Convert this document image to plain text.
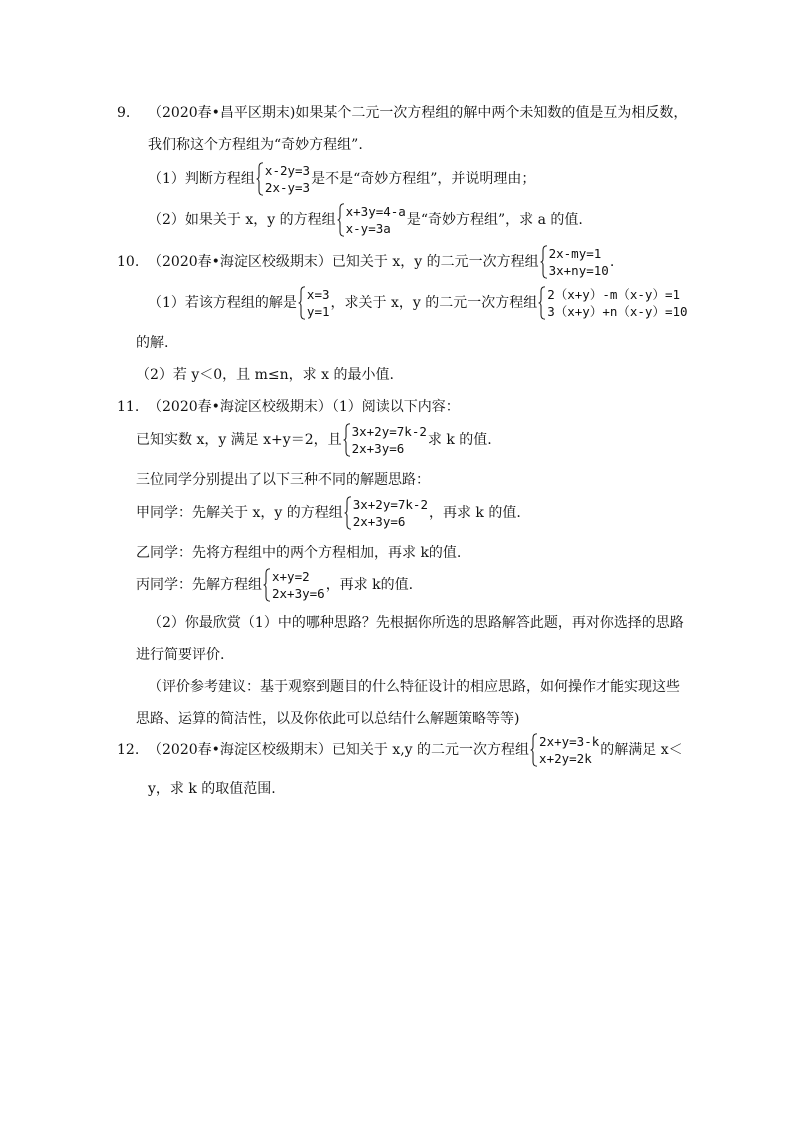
9. （2020春•昌平区期末)如果某个二元一次方程组的解中两个未知数的值是互为相反数，
我们称这个方程组为“奇妙方程组”.
（1）判断方程组
x-2y=3
2x-y=3
是不是“奇妙方程组”，并说明理由；
（2）如果关于 x，y 的方程组
x+3y=4-a
x-y=3a
是“奇妙方程组”，求 a 的值.
10. （2020春•海淀区校级期末）已知关于 x，y 的二元一次方程组
2x-my=1
3x+ny=10
.
（1）若该方程组的解是
x=3
y=1
，求关于 x，y 的二元一次方程组
2（x+y）-m（x-y）=1
3（x+y）+n（x-y）=10
的解.
（2）若 y＜0，且 m≤n，求 x 的最小值.
11. （2020春•海淀区校级期末）（1）阅读以下内容：
已知实数 x，y 满足 x+y＝2，且
3x+2y=7k-2
2x+3y=6
求 k 的值.
三位同学分别提出了以下三种不同的解题思路：
甲同学：先解关于 x，y 的方程组
3x+2y=7k-2
2x+3y=6
，再求 k 的值.
乙同学：先将方程组中的两个方程相加，再求 k的值.
丙同学：先解方程组
x+y=2
2x+3y=6
，再求 k的值.
（2）你最欣赏（1）中的哪种思路？先根据你所选的思路解答此题，再对你选择的思路
进行简要评价.
（评价参考建议：基于观察到题目的什么特征设计的相应思路，如何操作才能实现这些
思路、运算的简洁性，以及你依此可以总结什么解题策略等等)
12. （2020春•海淀区校级期末）已知关于 x,y 的二元一次方程组
2x+y=3-k
x+2y=2k
的解满足 x＜
y，求 k 的取值范围.
